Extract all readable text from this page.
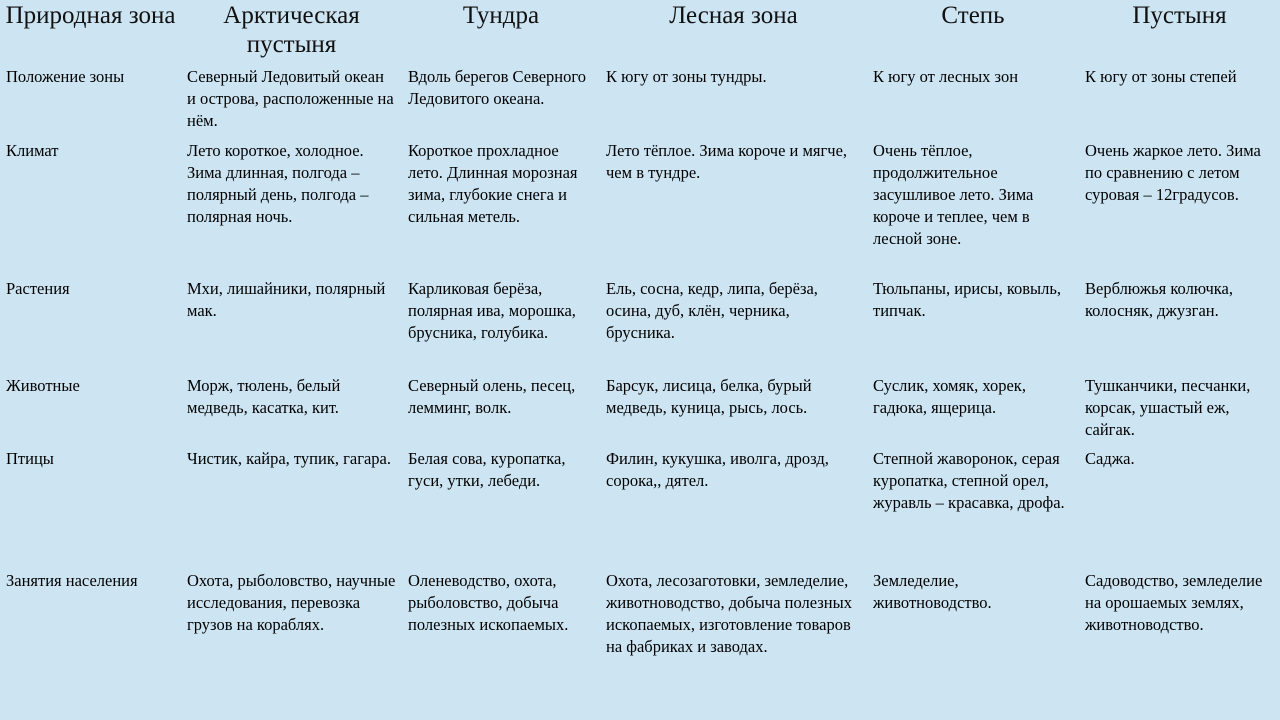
Природная зона	Арктическая пустыня	Тундра	Лесная зона	Степь	Пустыня
Положение зоны	Северный Ледовитый океан и острова, расположенные на нём.	Вдоль берегов Северного Ледовитого океана.	К югу от зоны тундры.	К югу от лесных зон	К югу от зоны степей
Климат	Лето короткое, холодное. Зима длинная, полгода – полярный день, полгода – полярная ночь.	Короткое прохладное лето. Длинная морозная зима, глубокие снега и сильная метель.	Лето тёплое. Зима короче и мягче, чем в тундре.	Очень тёплое, продолжительное засушливое лето. Зима короче и теплее, чем в лесной зоне.	Очень жаркое лето. Зима по сравнению с летом суровая – 12градусов.
Растения	Мхи, лишайники, полярный мак.	Карликовая берёза, полярная ива, морошка, брусника, голубика.	Ель, сосна, кедр, липа, берёза, осина, дуб, клён, черника, брусника.	Тюльпаны, ирисы, ковыль, типчак.	Верблюжья колючка, колосняк, джузган.
Животные	Морж, тюлень, белый медведь, касатка, кит.	Северный олень, песец, лемминг, волк.	Барсук, лисица, белка, бурый медведь, куница, рысь, лось.	Суслик, хомяк, хорек, гадюка, ящерица.	Тушканчики, песчанки, корсак, ушастый еж, сайгак.
Птицы	Чистик, кайра, тупик, гагара.	Белая сова, куропатка, гуси, утки, лебеди.	Филин, кукушка, иволга, дрозд, сорока,, дятел.	Степной жаворонок, серая куропатка, степной орел, журавль – красавка, дрофа.	Саджа.
Занятия населения	Охота, рыболовство, научные исследования, перевозка грузов на кораблях.	Оленеводство, охота, рыболовство, добыча полезных ископаемых.	Охота, лесозаготовки, земледелие, животноводство, добыча полезных ископаемых, изготовление товаров на фабриках и заводах.	Земледелие, животноводство.	Садоводство, земледелие на орошаемых землях, животноводство.
